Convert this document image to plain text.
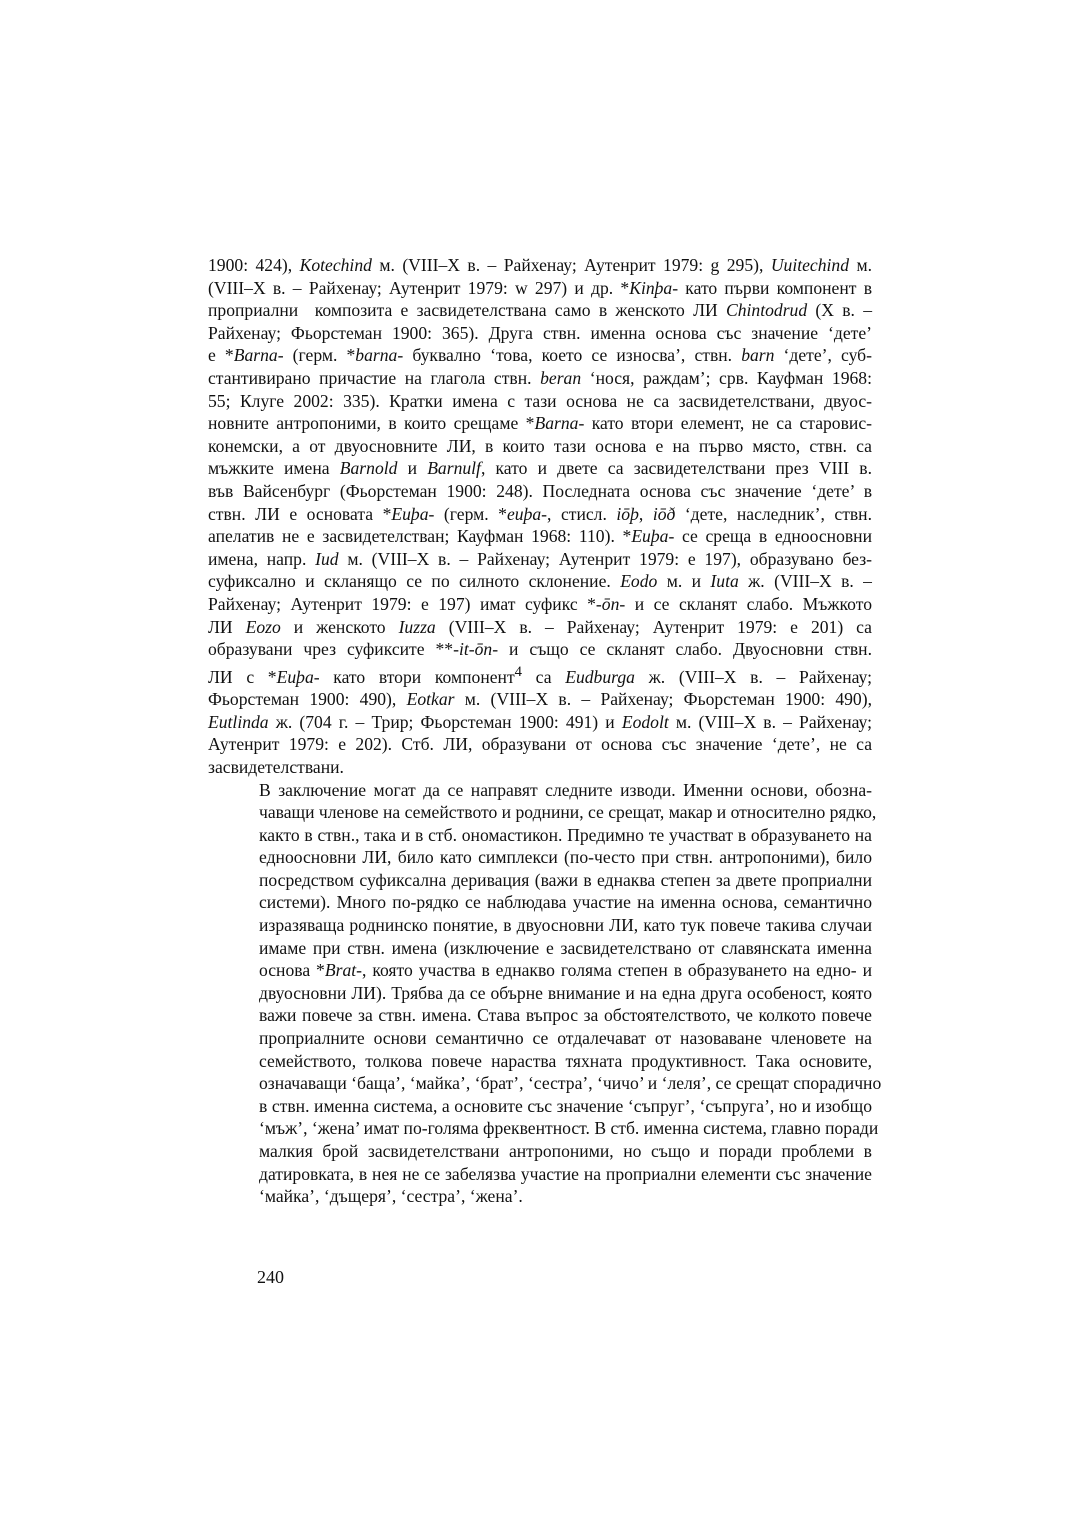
1900: 424), Kotechind м. (VIII–X в. – Райхенау; Аутенрит 1979: g 295), Uuitechind м.
(VIII–X в. – Райхенау; Аутенрит 1979: w 297) и др. *Kinþa- като първи компонент в
проприални  композита е засвидетелствана само в женското ЛИ Chintodrud (X в. –
Райхенау; Фьорстеман 1900: 365). Друга ствн. именна основа със значение ‘дете’
е *Barna- (герм. *barna- буквално ‘това, което се износва’, ствн. barn ‘дете’, суб-
стантивирано причастие на глагола ствн. beran ‘нося, раждам’; срв. Кауфман 1968:
55; Клуге 2002: 335). Кратки имена с тази основа не са засвидетелствани, двуос-
новните антропоними, в които срещаме *Barna- като втори елемент, не са старовис-
конемски, а от двуосновните ЛИ, в които тази основа е на първо място, ствн. са
мъжките имена Barnold и Barnulf, като и двете са засвидетелствани през VIII в.
във Вайсенбург (Фьорстеман 1900: 248). Последната основа със значение ‘дете’ в
ствн. ЛИ е основата *Euþa- (герм. *euþa-, стисл. iōþ, iōð ‘дете, наследник’, ствн.
апелатив не е засвидетелстван; Кауфман 1968: 110). *Euþa- се среща в едноосновни
имена, напр. Iud м. (VIII–X в. – Райхенау; Аутенрит 1979: e 197), образувано без-
суфиксално и скланящо се по силното склонение. Eodo м. и Iuta ж. (VIII–X в. –
Райхенау; Аутенрит 1979: e 197) имат суфикс *-ōn- и се скланят слабо. Мъжкото
ЛИ Eozo и женското Iuzza (VIII–X в. – Райхенау; Аутенрит 1979: e 201) са
образувани чрез суфиксите **-it-ōn- и също се скланят слабо. Двуосновни ствн.
ЛИ с *Euþa- като втори компонент$^4$ са Eudburga ж. (VIII–X в. – Райхенау;
Фьорстеман 1900: 490), Eotkar м. (VIII–X в. – Райхенау; Фьорстеман 1900: 490),
Eutlinda ж. (704 г. – Трир; Фьорстеман 1900: 491) и Eodolt м. (VIII–X в. – Райхенау;
Аутенрит 1979: e 202). Стб. ЛИ, образувани от основа със значение ‘дете’, не са
засвидетелствани.

В заключение могат да се направят следните изводи. Именни основи, обозна-
чаващи членове на семейството и роднини, се срещат, макар и относително рядко,
както в ствн., така и в стб. ономастикон. Предимно те участват в образуването на
едноосновни ЛИ, било като симплекси (по-често при ствн. антропоними), било
посредством суфиксална деривация (важи в еднаква степен за двете проприални
системи). Много по-рядко се наблюдава участие на именна основа, семантично
изразяваща роднинско понятие, в двуосновни ЛИ, като тук повече такива случаи
имаме при ствн. имена (изключение е засвидетелствано от славянската именна
основа *Brat-, която участва в еднакво голяма степен в образуването на едно- и
двуосновни ЛИ). Трябва да се обърне внимание и на една друга особеност, която
важи повече за ствн. имена. Става въпрос за обстоятелството, че колкото повече
проприалните основи семантично се отдалечават от назоваване членовете на
семейството, толкова повече нараства тяхната продуктивност. Така основите,
означаващи ‘баща’, ‘майка’, ‘брат’, ‘сестра’, ‘чичо’ и ‘леля’, се срещат спорадично
в ствн. именна система, а основите със значение ‘съпруг’, ‘съпруга’, но и изобщо
‘мъж’, ‘жена’ имат по-голяма фреквентност. В стб. именна система, главно поради
малкия брой засвидетелствани антропоними, но също и поради проблеми в
датировката, в нея не се забелязва участие на проприални елементи със значение
‘майка’, ‘дъщеря’, ‘сестра’, ‘жена’.

240
